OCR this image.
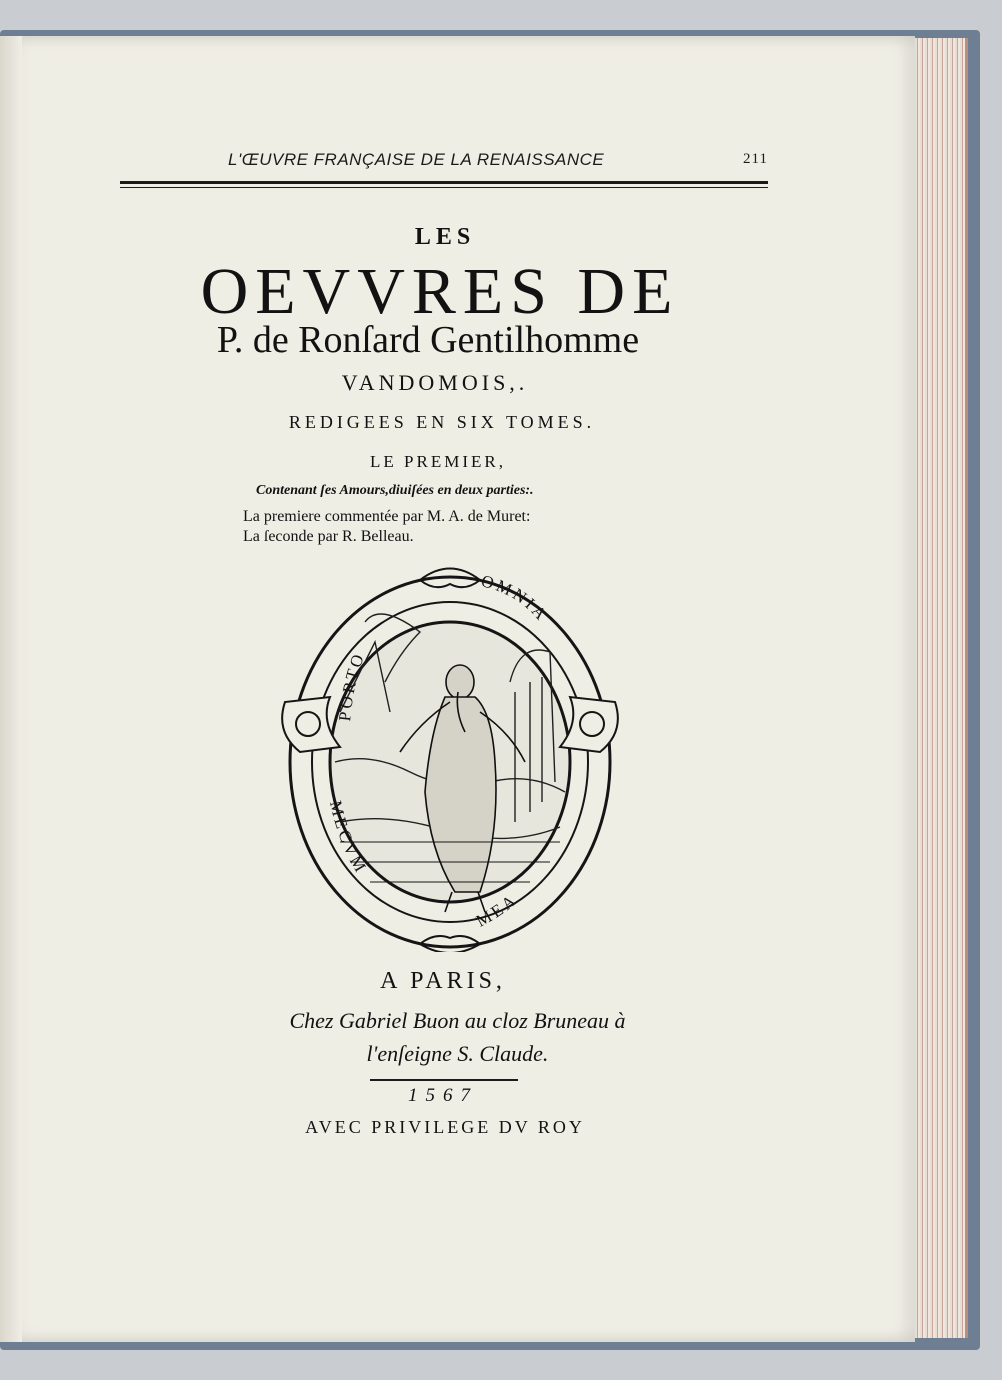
L'ŒUVRE FRANÇAISE DE LA RENAISSANCE	211
LES
OEVVRES DE
P. de Ronſard Gentilhomme
VANDOMOIS,.
REDIGEES EN SIX TOMES.
LE PREMIER,
Contenant ſes Amours,diuiſées en deux parties:.
La premiere commentée par M. A. de Muret:
La ſeconde par R. Belleau.
PORTO
OMNIA
MECVM
MEA
A PARIS,
Chez Gabriel Buon au cloz Bruneau à
l'enſeigne S. Claude.
1567
AVEC PRIVILEGE DV ROY
